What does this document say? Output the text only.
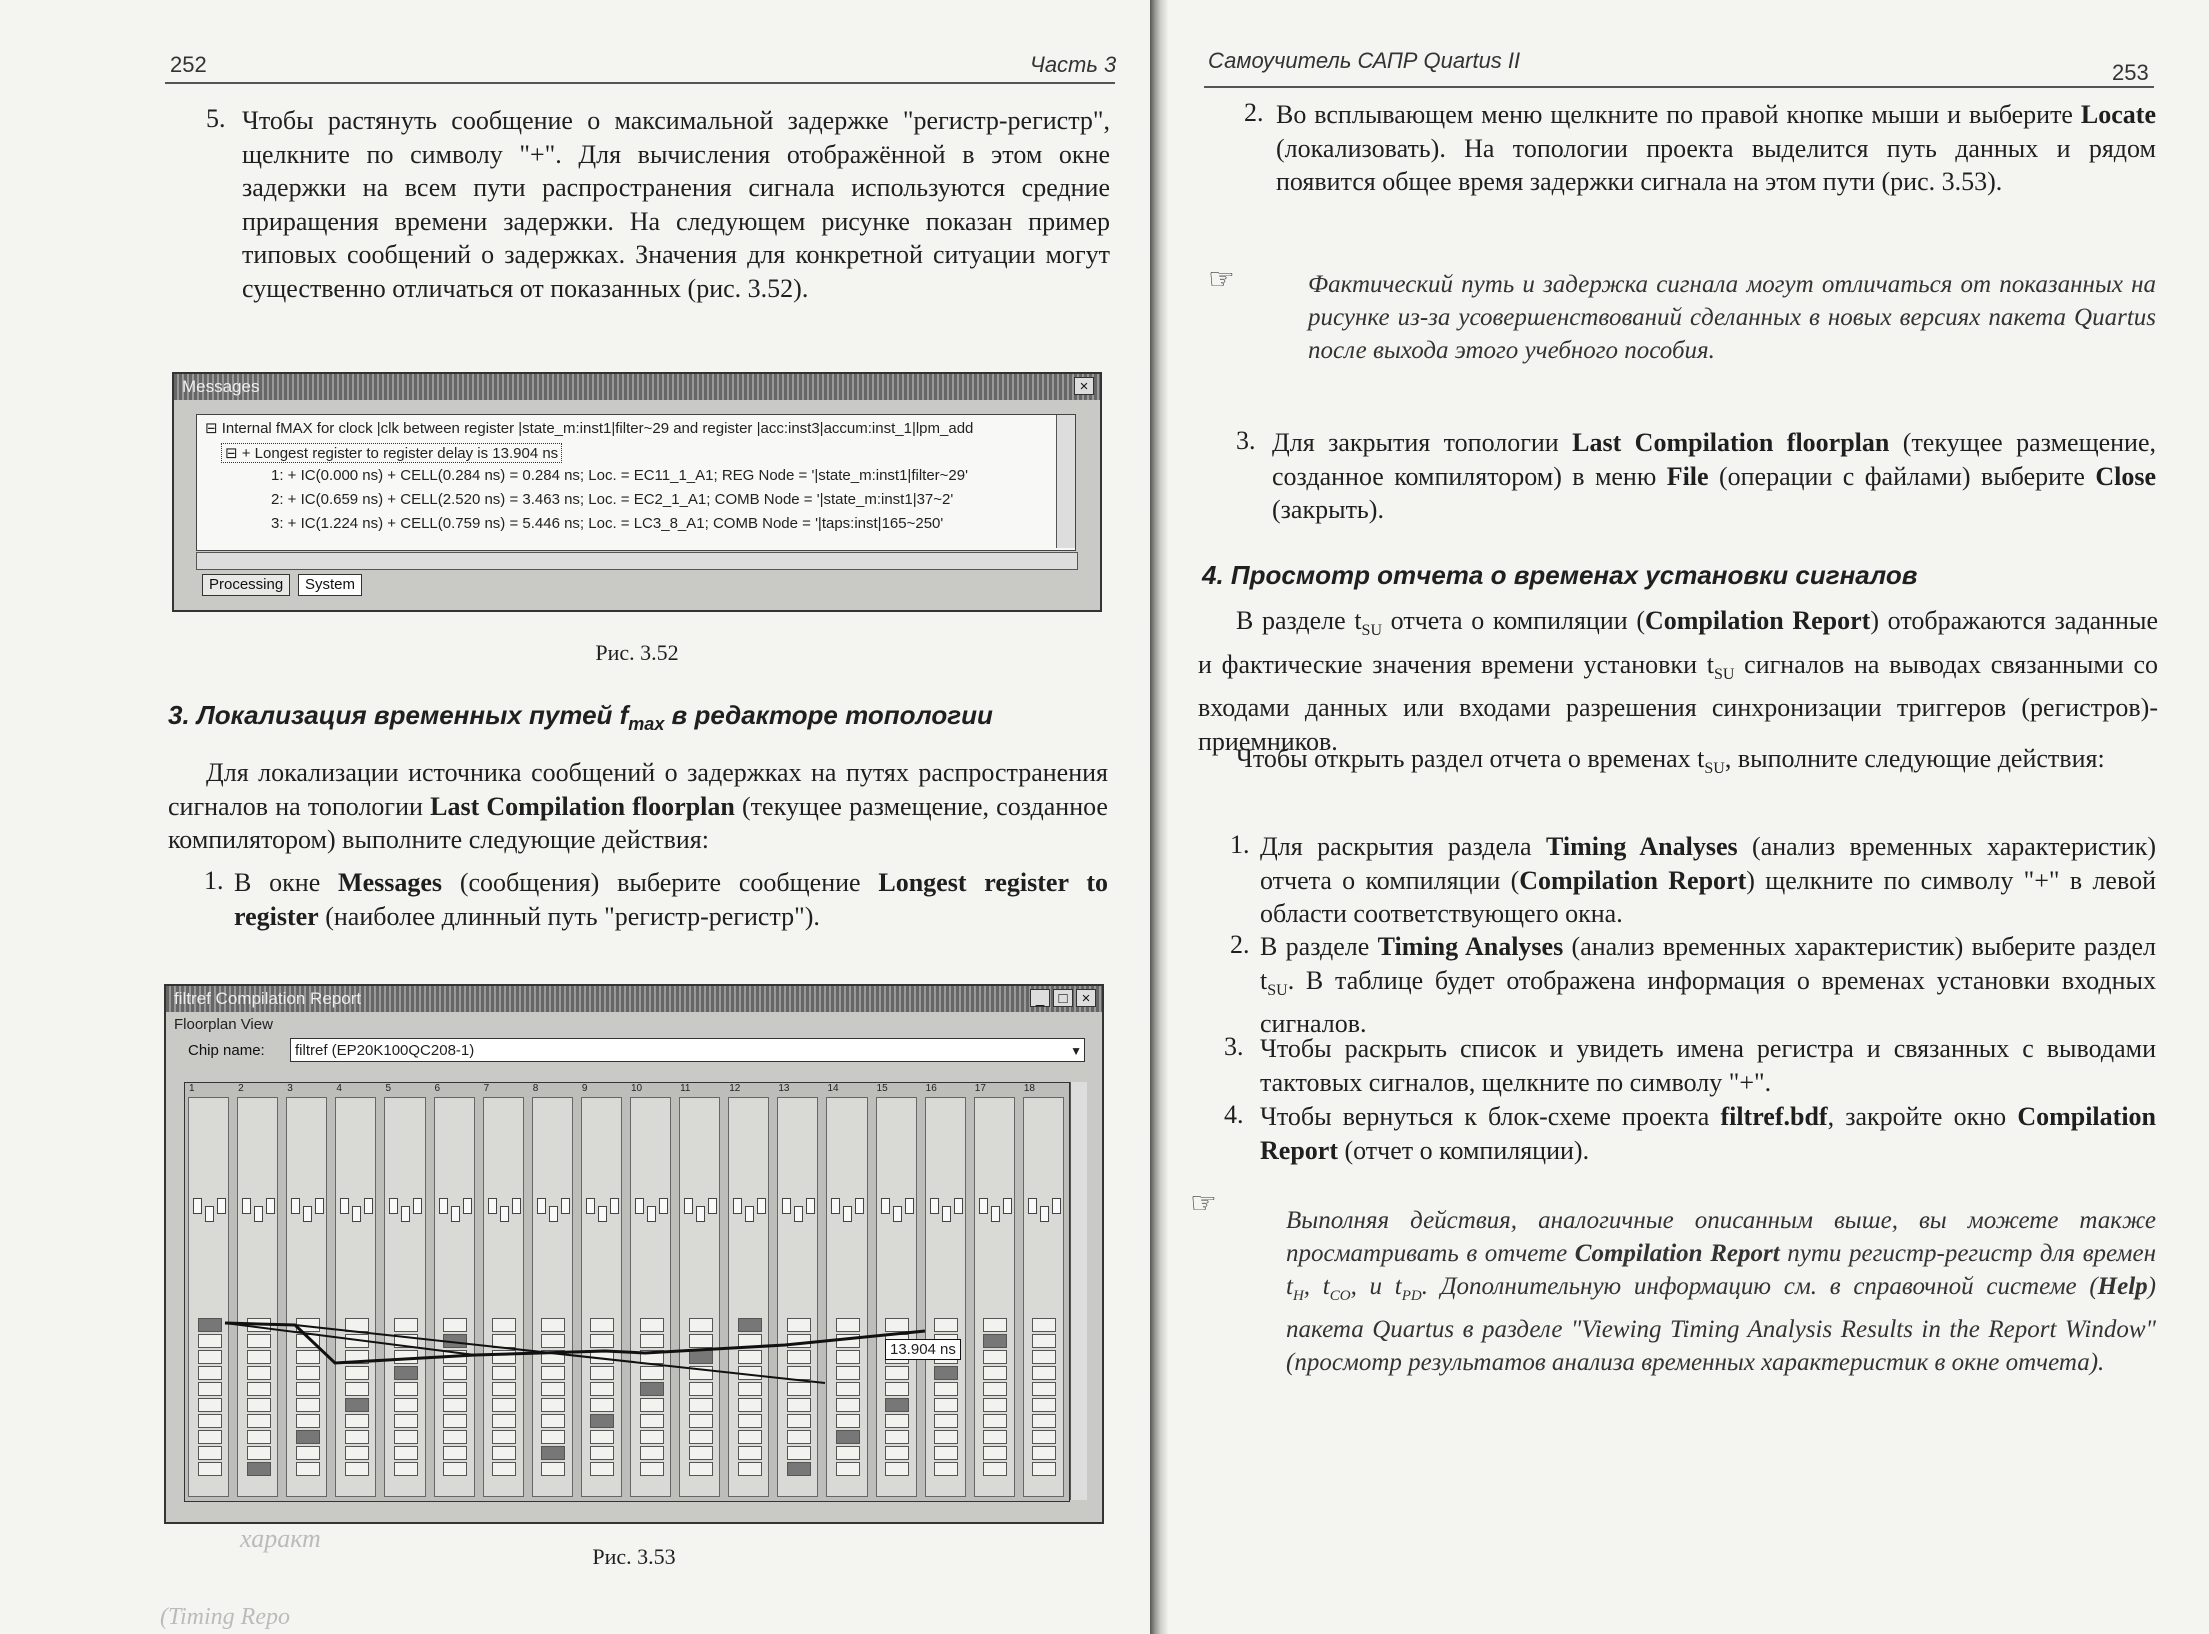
252	Часть 3
5. Чтобы растянуть сообщение о максимальной задержке "регистр-регистр", щелкните по символу "+". Для вычисления отображённой в этом окне задержки на всем пути распространения сигнала используются средние приращения времени задержки. На следующем рисунке показан пример типовых сообщений о задержках. Значения для конкретной ситуации могут существенно отличаться от показанных (рис. 3.52).
Messages	×
⊟ Internal fMAX for clock |clk between register |state_m:inst1|filter~29 and register |acc:inst3|accum:inst_1|lpm_add
⊟ + Longest register to register delay is 13.904 ns
1: + IC(0.000 ns) + CELL(0.284 ns) = 0.284 ns; Loc. = EC11_1_A1; REG Node = '|state_m:inst1|filter~29'
2: + IC(0.659 ns) + CELL(2.520 ns) = 3.463 ns; Loc. = EC2_1_A1; COMB Node = '|state_m:inst1|37~2'
3: + IC(1.224 ns) + CELL(0.759 ns) = 5.446 ns; Loc. = LC3_8_A1; COMB Node = '|taps:inst|165~250'
Processing	System
Рис. 3.52
3. Локализация временных путей $f_{max}$ в редакторе топологии
Для локализации источника сообщений о задержках на путях распространения сигналов на топологии Last Compilation floorplan (текущее размещение, созданное компилятором) выполните следующие действия:
1. В окне Messages (сообщения) выберите сообщение Longest register to register (наиболее длинный путь "регистр-регистр").
filtref Compilation Report	_ □ ×
Floorplan View
Chip name:	filtref (EP20K100QC208-1)	▼
1	2	3	4	5	6	7	8	9	10	11	12	13	14	15	16	17	18
13.904 ns
Рис. 3.53
характ
(Timing Repo
Самоучитель САПР Quartus II	253
2. Во всплывающем меню щелкните по правой кнопке мыши и выберите Locate (локализовать). На топологии проекта выделится путь данных и рядом появится общее время задержки сигнала на этом пути (рис. 3.53).
☞	Фактический путь и задержка сигнала могут отличаться от показанных на рисунке из-за усовершенствований сделанных в новых версиях пакета Quartus после выхода этого учебного пособия.
3. Для закрытия топологии Last Compilation floorplan (текущее размещение, созданное компилятором) в меню File (операции с файлами) выберите Close (закрыть).
4. Просмотр отчета о временах установки сигналов
В разделе $t_{SU}$ отчета о компиляции (Compilation Report) отображаются заданные и фактические значения времени установки $t_{SU}$ сигналов на выводах связанными со входами данных или входами разрешения синхронизации триггеров (регистров)-приемников.
Чтобы открыть раздел отчета о временах $t_{SU}$, выполните следующие действия:
1. Для раскрытия раздела Timing Analyses (анализ временных характеристик) отчета о компиляции (Compilation Report) щелкните по символу "+" в левой области соответствующего окна.
2. В разделе Timing Analyses (анализ временных характеристик) выберите раздел $t_{SU}$. В таблице будет отображена информация о временах установки входных сигналов.
3. Чтобы раскрыть список и увидеть имена регистра и связанных с выводами тактовых сигналов, щелкните по символу "+".
4. Чтобы вернуться к блок-схеме проекта filtref.bdf, закройте окно Compilation Report (отчет о компиляции).
☞
Выполняя действия, аналогичные описанным выше, вы можете также просматривать в отчете Compilation Report пути регистр-регистр для времен $t_H$, $t_{CO}$, и $t_{PD}$. Дополнительную информацию см. в справочной системе (Help) пакета Quartus в разделе "Viewing Timing Analysis Results in the Report Window" (просмотр результатов анализа временных характеристик в окне отчета).
